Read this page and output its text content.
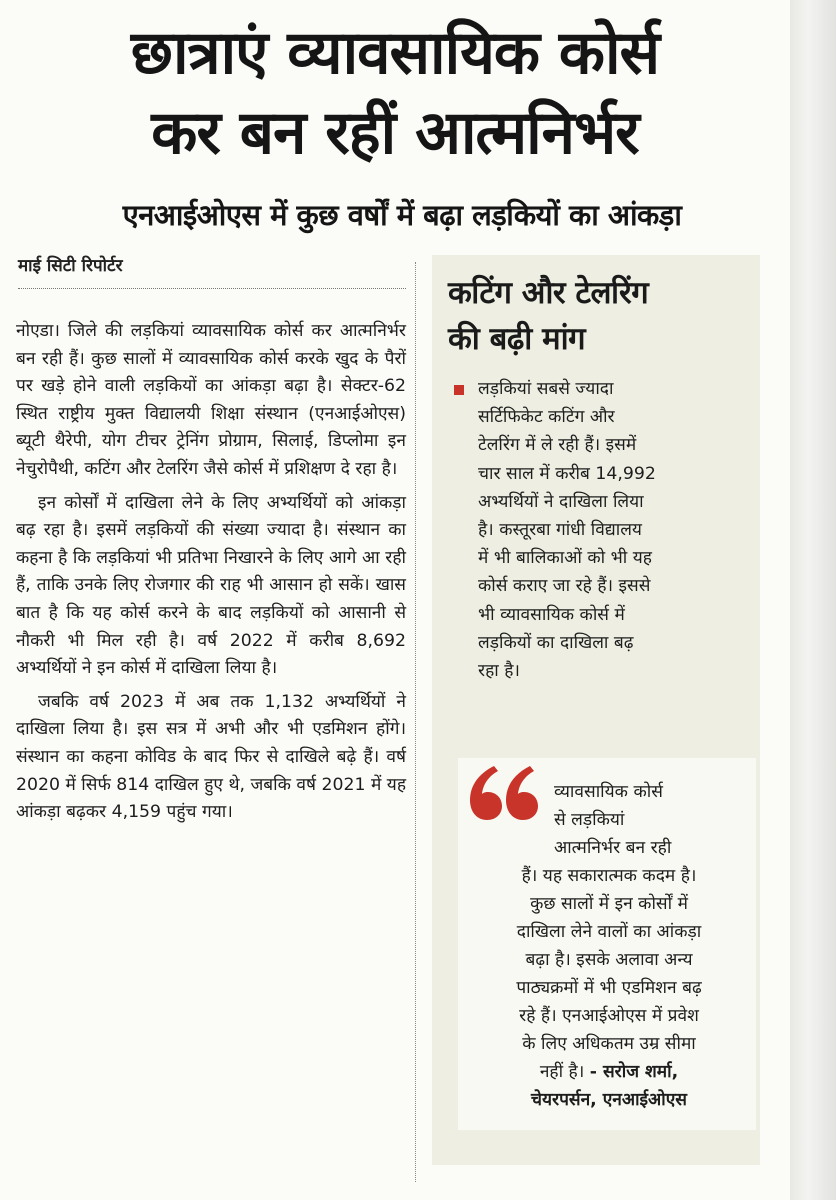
छात्राएं व्यावसायिक कोर्स
कर बन रहीं आत्मनिर्भर
एनआईओएस में कुछ वर्षों में बढ़ा लड़कियों का आंकड़ा
माई सिटी रिपोर्टर

नोएडा। जिले की लड़कियां व्यावसायिक कोर्स कर आत्मनिर्भर बन रही हैं। कुछ सालों में व्यावसायिक कोर्स करके खुद के पैरों पर खड़े होने वाली लड़कियों का आंकड़ा बढ़ा है। सेक्टर-62 स्थित राष्ट्रीय मुक्त विद्यालयी शिक्षा संस्थान (एनआईओएस) ब्यूटी थैरेपी, योग टीचर ट्रेनिंग प्रोग्राम, सिलाई, डिप्लोमा इन नेचुरोपैथी, कटिंग और टेलरिंग जैसे कोर्स में प्रशिक्षण दे रहा है।

इन कोर्सों में दाखिला लेने के लिए अभ्यर्थियों को आंकड़ा बढ़ रहा है। इसमें लड़कियों की संख्या ज्यादा है। संस्थान का कहना है कि लड़कियां भी प्रतिभा निखारने के लिए आगे आ रही हैं, ताकि उनके लिए रोजगार की राह भी आसान हो सकें। खास बात है कि यह कोर्स करने के बाद लड़कियों को आसानी से नौकरी भी मिल रही है। वर्ष 2022 में करीब 8,692 अभ्यर्थियों ने इन कोर्स में दाखिला लिया है।

जबकि वर्ष 2023 में अब तक 1,132 अभ्यर्थियों ने दाखिला लिया है। इस सत्र में अभी और भी एडमिशन होंगे। संस्थान का कहना कोविड के बाद फिर से दाखिले बढ़े हैं। वर्ष 2020 में सिर्फ 814 दाखिल हुए थे, जबकि वर्ष 2021 में यह आंकड़ा बढ़कर 4,159 पहुंच गया।

कटिंग और टेलरिंग
की बढ़ी मांग
लड़कियां सबसे ज्यादा
सर्टिफिकेट कटिंग और
टेलरिंग में ले रही हैं। इसमें
चार साल में करीब 14,992
अभ्यर्थियों ने दाखिला लिया
है। कस्तूरबा गांधी विद्यालय
में भी बालिकाओं को भी यह
कोर्स कराए जा रहे हैं। इससे
भी व्यावसायिक कोर्स में
लड़कियों का दाखिला बढ़
रहा है।
व्यावसायिक कोर्स
से लड़कियां
आत्मनिर्भर बन रही
हैं। यह सकारात्मक कदम है।
कुछ सालों में इन कोर्सों में
दाखिला लेने वालों का आंकड़ा
बढ़ा है। इसके अलावा अन्य
पाठ्यक्रमों में भी एडमिशन बढ़
रहे हैं। एनआईओएस में प्रवेश
के लिए अधिकतम उम्र सीमा
नहीं है। - सरोज शर्मा,
चेयरपर्सन, एनआईओएस
